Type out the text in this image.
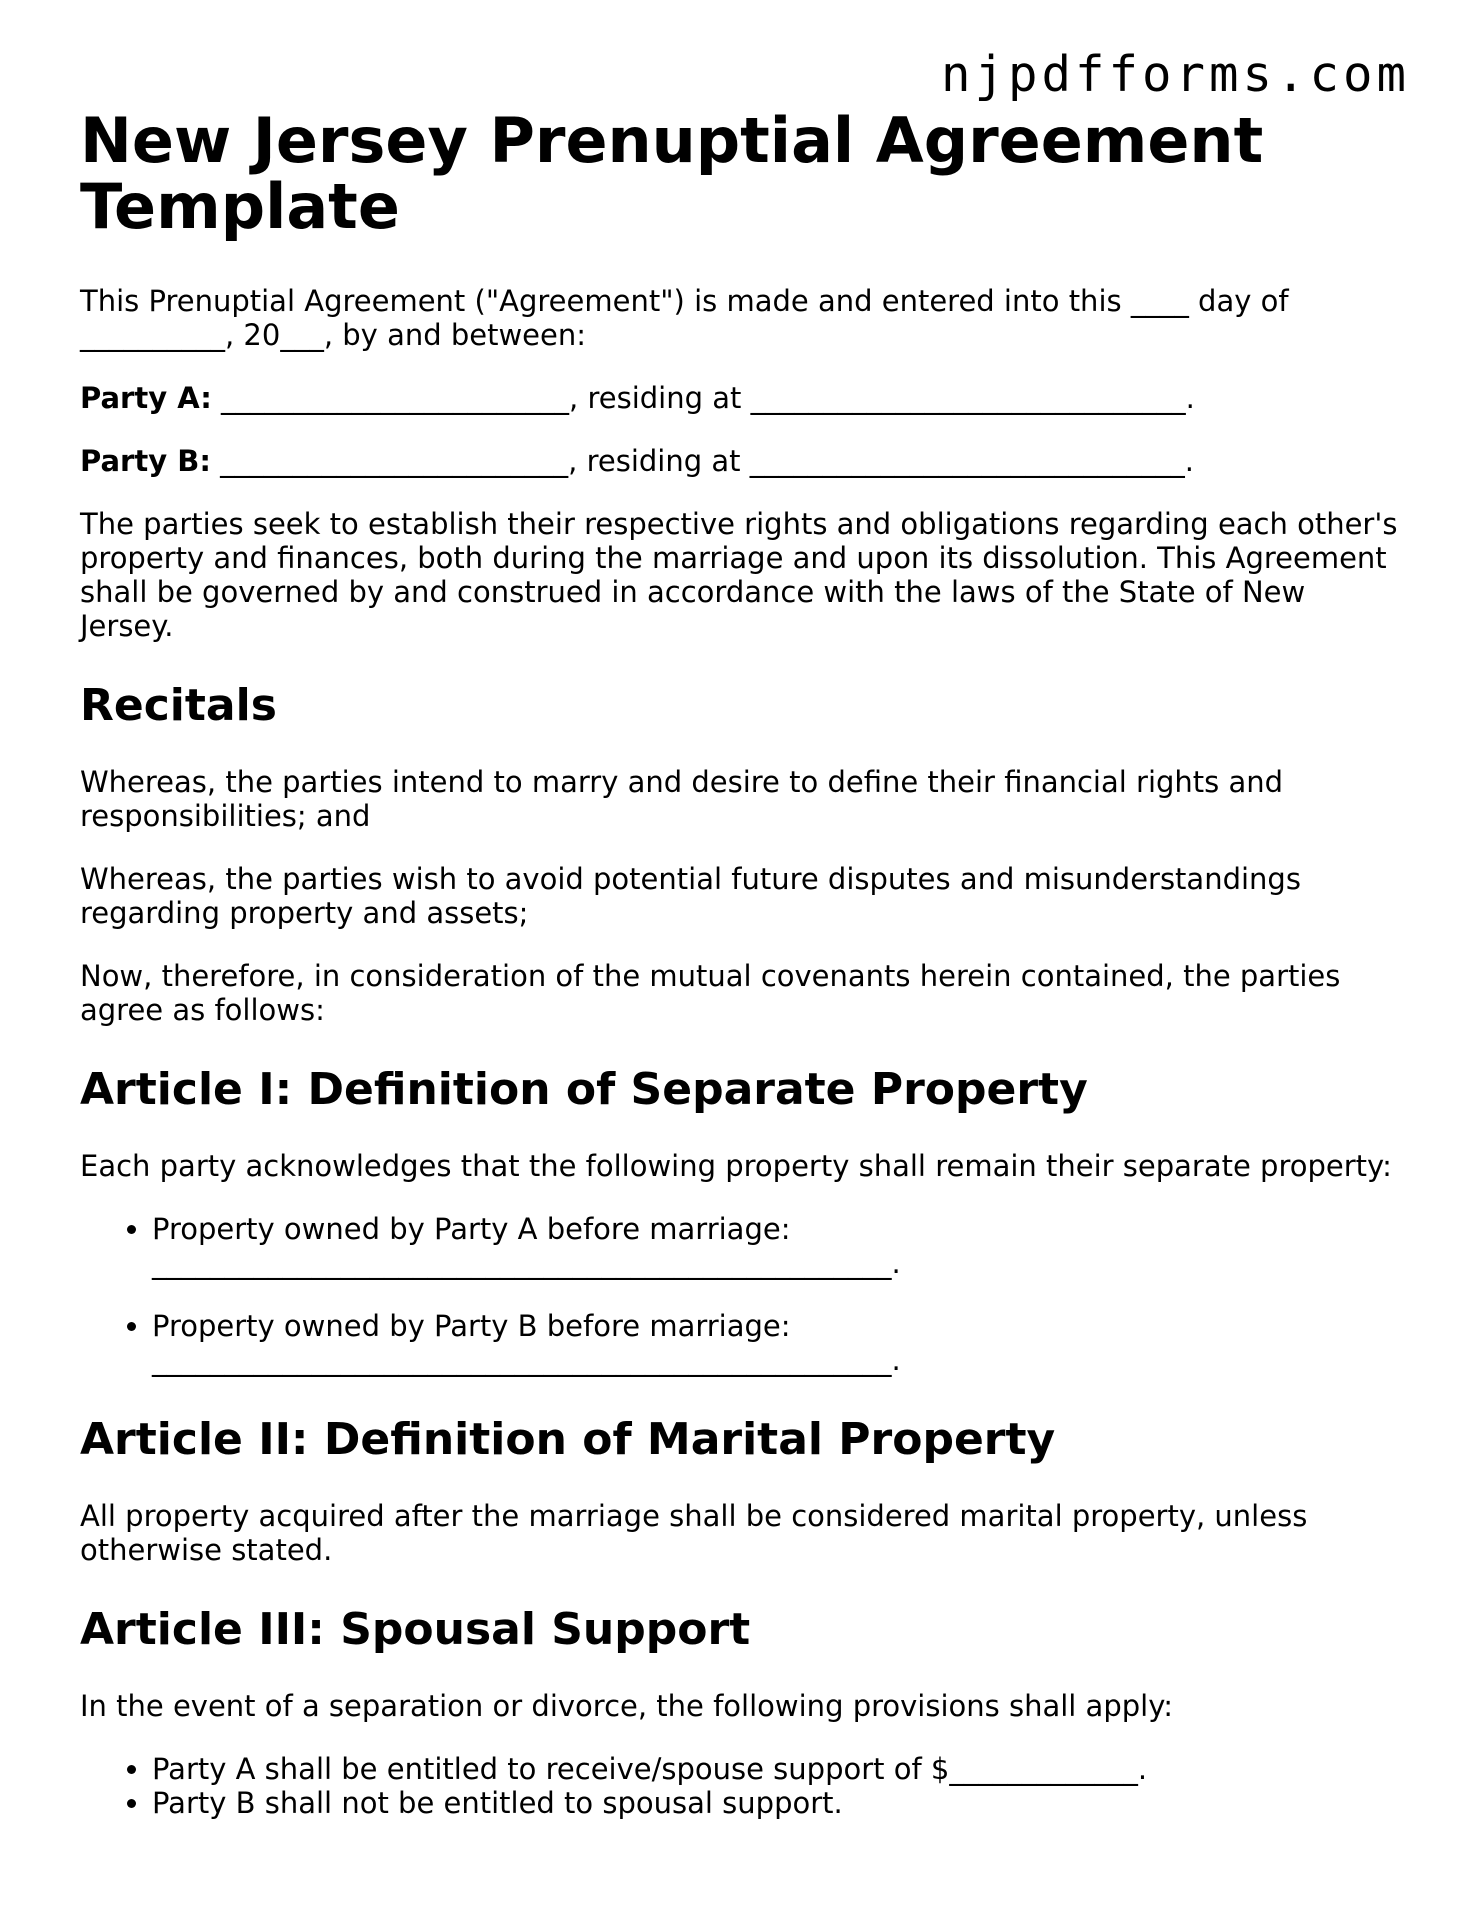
njpdfforms.com
New Jersey Prenuptial Agreement Template

This Prenuptial Agreement ("Agreement") is made and entered into this ____ day of __________, 20___, by and between:

Party A: ________________________, residing at ______________________________.

Party B: ________________________, residing at ______________________________.

The parties seek to establish their respective rights and obligations regarding each other's property and finances, both during the marriage and upon its dissolution. This Agreement shall be governed by and construed in accordance with the laws of the State of New Jersey.

Recitals

Whereas, the parties intend to marry and desire to define their financial rights and responsibilities; and

Whereas, the parties wish to avoid potential future disputes and misunderstandings regarding property and assets;

Now, therefore, in consideration of the mutual covenants herein contained, the parties agree as follows:

Article I: Definition of Separate Property

Each party acknowledges that the following property shall remain their separate property:

• Property owned by Party A before marriage: ___________________________________________________.
• Property owned by Party B before marriage: ___________________________________________________.
Article II: Definition of Marital Property

All property acquired after the marriage shall be considered marital property, unless otherwise stated.

Article III: Spousal Support

In the event of a separation or divorce, the following provisions shall apply:

• Party A shall be entitled to receive/spouse support of $_____________.
• Party B shall not be entitled to spousal support.
